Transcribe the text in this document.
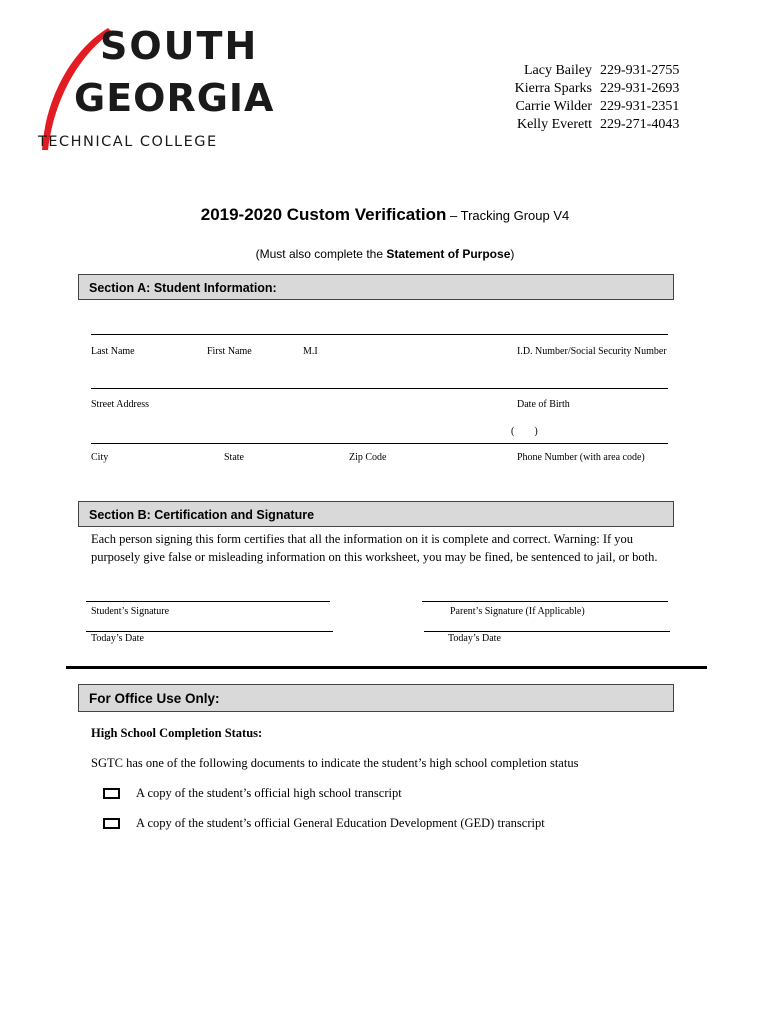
SOUTH
GEORGIA
TECHNICAL COLLEGE
Lacy Bailey 229-931-2755
Kierra Sparks 229-931-2693
Carrie Wilder 229-931-2351
Kelly Everett 229-271-4043
2019-2020 Custom Verification – Tracking Group V4
(Must also complete the Statement of Purpose)
Section A: Student Information:
Last Name	First Name	M.I	I.D. Number/Social Security Number
Street Address	Date of Birth
(        )
City	State	Zip Code	Phone Number (with area code)
Section B: Certification and Signature
Each person signing this form certifies that all the information on it is complete and correct. Warning: If you purposely give false or misleading information on this worksheet, you may be fined, be sentenced to jail, or both.
Student’s Signature	Parent’s Signature (If Applicable)
Today’s Date	Today’s Date
For Office Use Only:
High School Completion Status:
SGTC has one of the following documents to indicate the student’s high school completion status
A copy of the student’s official high school transcript
A copy of the student’s official General Education Development (GED) transcript
